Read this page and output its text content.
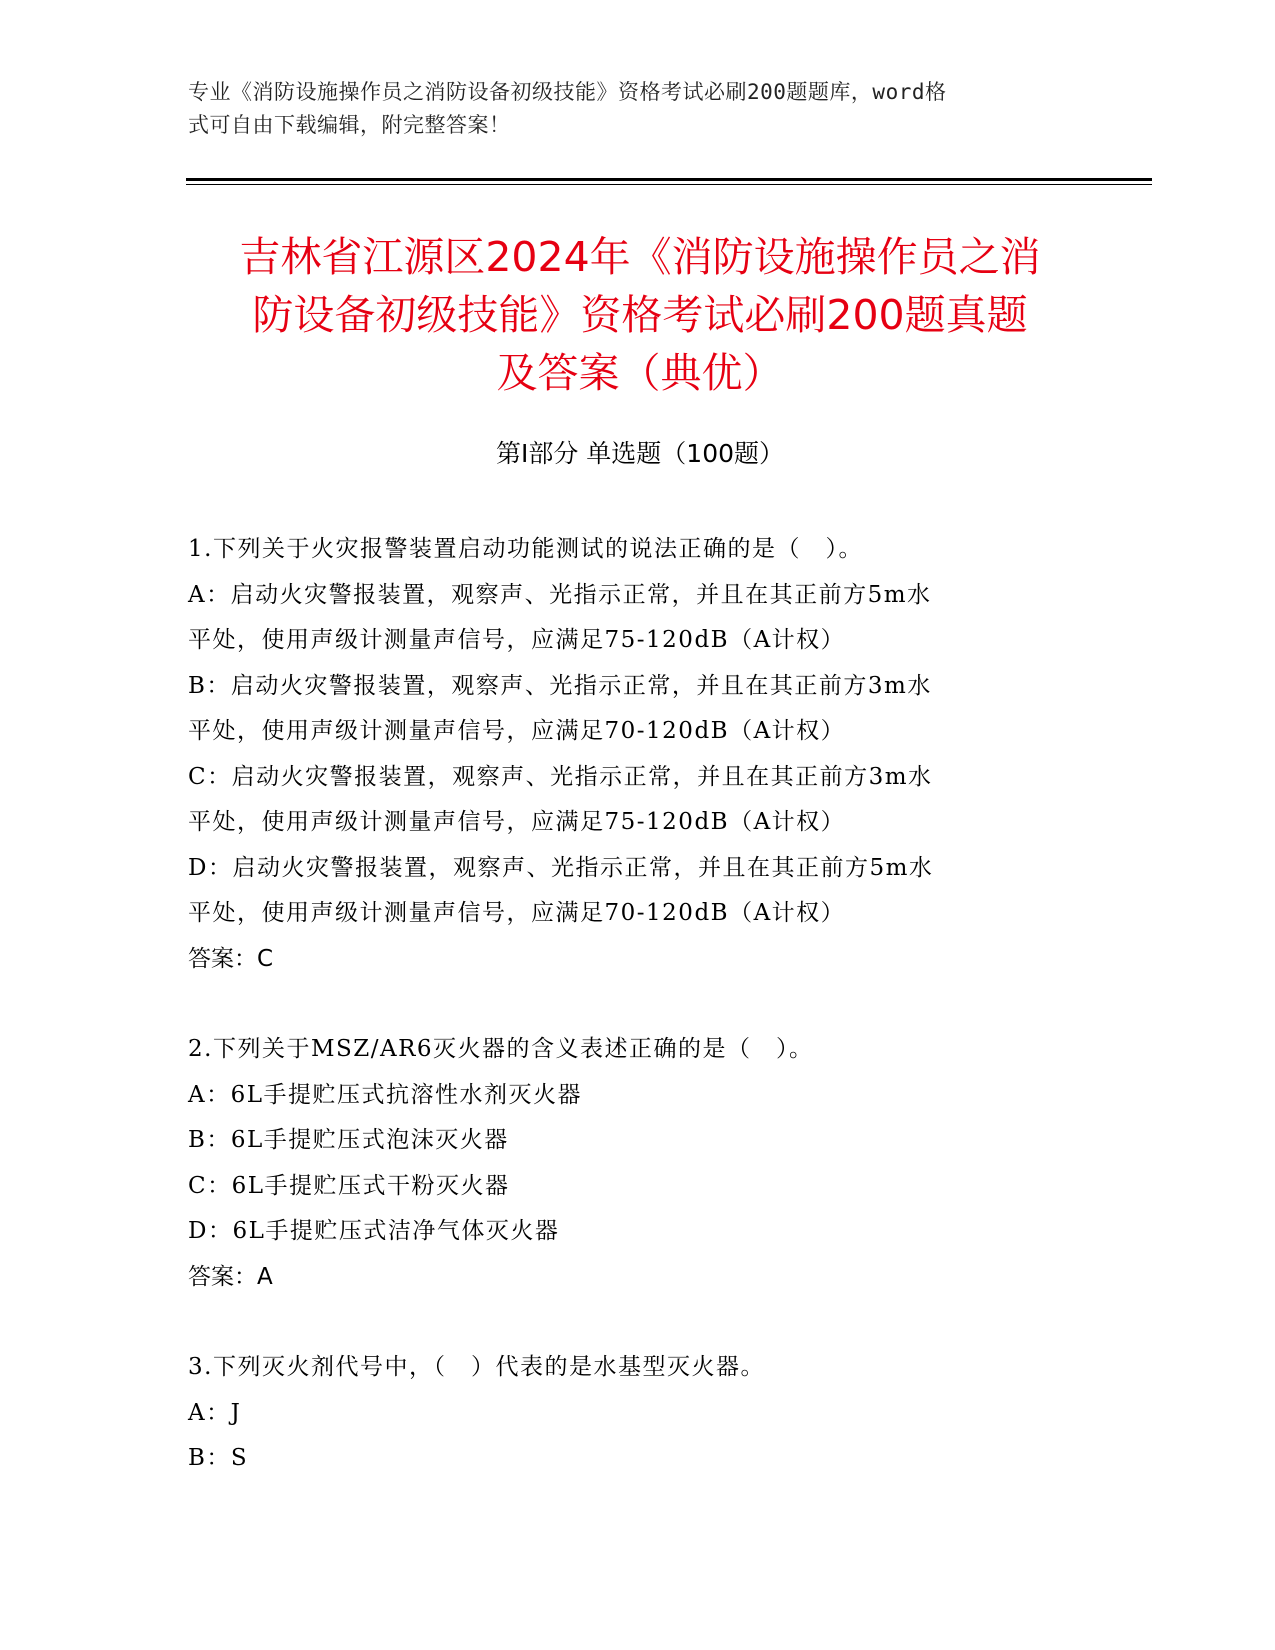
专业《消防设施操作员之消防设备初级技能》资格考试必刷200题题库，word格
式可自由下载编辑，附完整答案！
吉林省江源区2024年《消防设施操作员之消
防设备初级技能》资格考试必刷200题真题
及答案（典优）
第Ⅰ部分 单选题（100题）
1.下列关于火灾报警装置启动功能测试的说法正确的是（　）。
A：启动火灾警报装置，观察声、光指示正常，并且在其正前方5m水
平处，使用声级计测量声信号，应满足75-120dB（A计权）
B：启动火灾警报装置，观察声、光指示正常，并且在其正前方3m水
平处，使用声级计测量声信号，应满足70-120dB（A计权）
C：启动火灾警报装置，观察声、光指示正常，并且在其正前方3m水
平处，使用声级计测量声信号，应满足75-120dB（A计权）
D：启动火灾警报装置，观察声、光指示正常，并且在其正前方5m水
平处，使用声级计测量声信号，应满足70-120dB（A计权）
答案：C
2.下列关于MSZ/AR6灭火器的含义表述正确的是（　）。
A：6L手提贮压式抗溶性水剂灭火器
B：6L手提贮压式泡沫灭火器
C：6L手提贮压式干粉灭火器
D：6L手提贮压式洁净气体灭火器
答案：A
3.下列灭火剂代号中，（　）代表的是水基型灭火器。
A：J
B：S
